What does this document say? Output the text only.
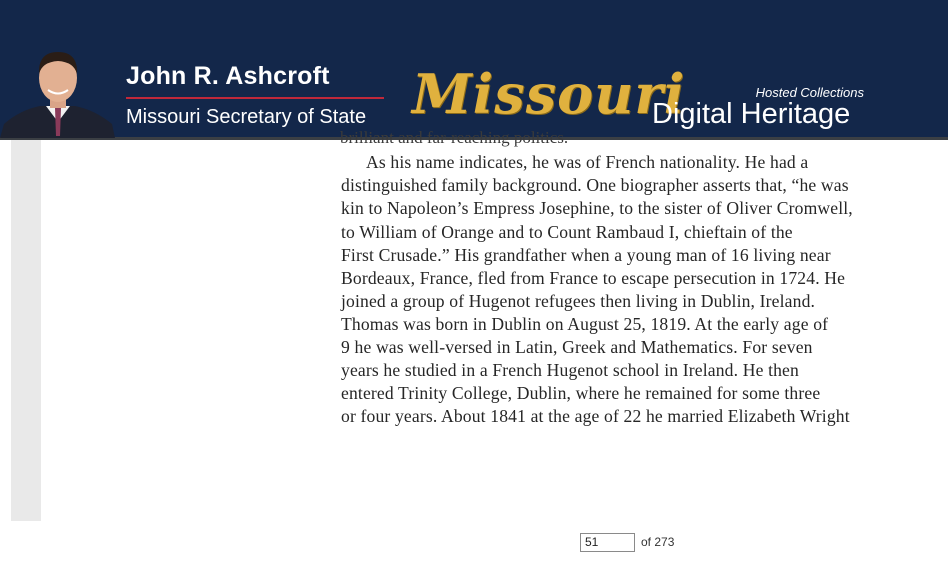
John R. Ashcroft
Missouri Secretary of State Missouri	Hosted Collections
Digital Heritage
brilliant and far-reaching politics.
As his name indicates, he was of French nationality. He had a
distinguished family background. One biographer asserts that, “he was
kin to Napoleon’s Empress Josephine, to the sister of Oliver Cromwell,
to William of Orange and to Count Rambaud I, chieftain of the
First Crusade.” His grandfather when a young man of 16 living near
Bordeaux, France, fled from France to escape persecution in 1724. He
joined a group of Hugenot refugees then living in Dublin, Ireland.
Thomas was born in Dublin on August 25, 1819. At the early age of
9 he was well-versed in Latin, Greek and Mathematics. For seven
years he studied in a French Hugenot school in Ireland. He then
entered Trinity College, Dublin, where he remained for some three
or four years. About 1841 at the age of 22 he married Elizabeth Wright
51
of 273
